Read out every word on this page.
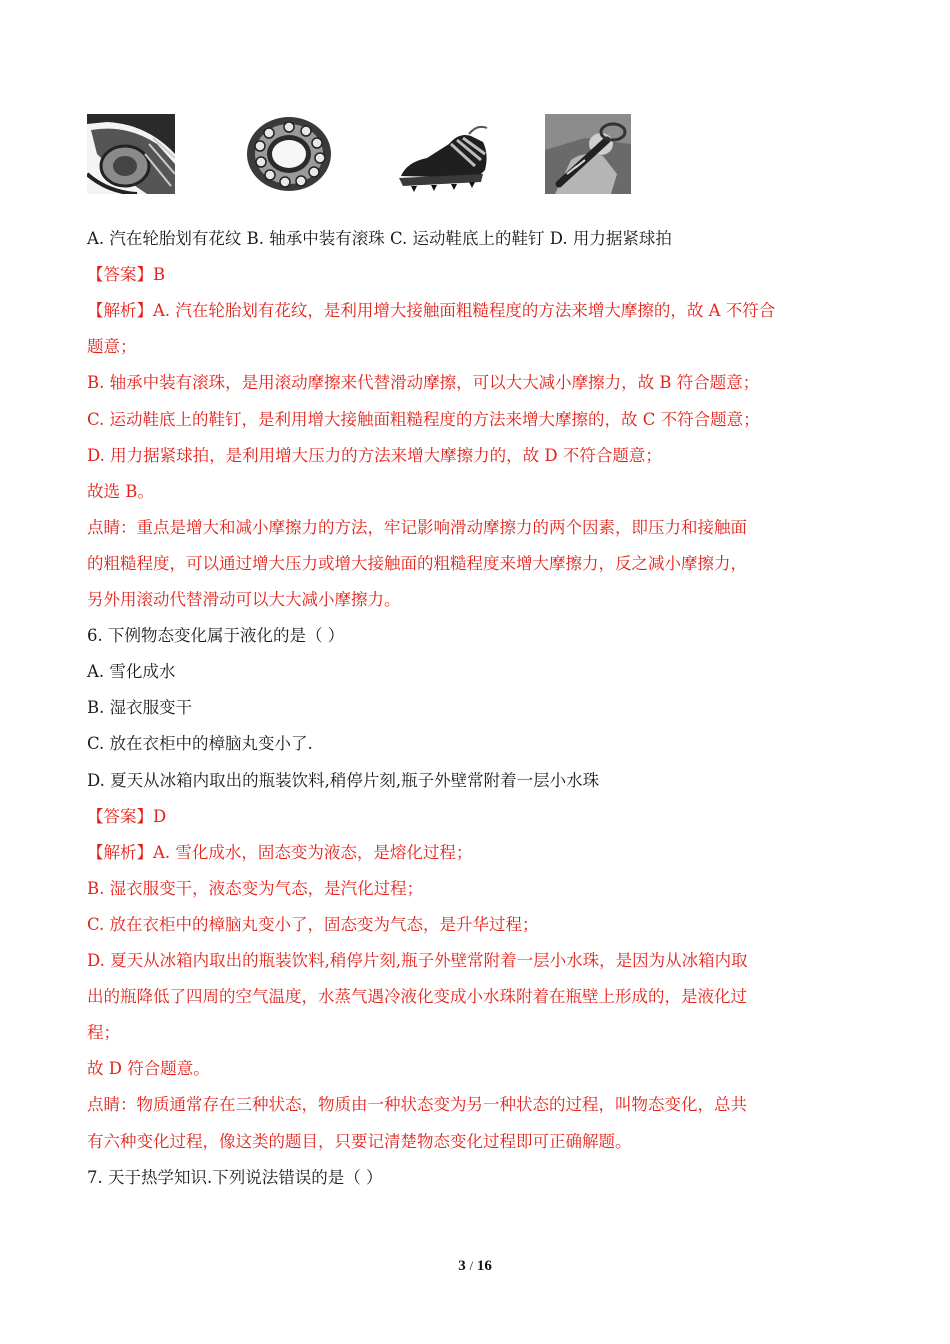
A. 汽在轮胎划有花纹 B. 轴承中装有滚珠 C. 运动鞋底上的鞋钉 D. 用力据紧球拍
【答案】B
【解析】A. 汽在轮胎划有花纹，是利用增大接触面粗糙程度的方法来增大摩擦的，故 A 不符合
题意；
B. 轴承中装有滚珠，是用滚动摩擦来代替滑动摩擦，可以大大减小摩擦力，故 B 符合题意；
C. 运动鞋底上的鞋钉，是利用增大接触面粗糙程度的方法来增大摩擦的，故 C 不符合题意；
D. 用力据紧球拍，是利用增大压力的方法来增大摩擦力的，故 D 不符合题意；
故选 B。
点睛：重点是增大和减小摩擦力的方法，牢记影响滑动摩擦力的两个因素，即压力和接触面
的粗糙程度，可以通过增大压力或增大接触面的粗糙程度来增大摩擦力，反之减小摩擦力，
另外用滚动代替滑动可以大大减小摩擦力。
6. 下例物态变化属于液化的是（ ）
A. 雪化成水
B. 湿衣服变干
C. 放在衣柜中的樟脑丸变小了.
D. 夏天从冰箱内取出的瓶装饮料,稍停片刻,瓶子外壁常附着一层小水珠
【答案】D
【解析】A. 雪化成水，固态变为液态，是熔化过程；
B. 湿衣服变干，液态变为气态，是汽化过程；
C. 放在衣柜中的樟脑丸变小了，固态变为气态，是升华过程；
D. 夏天从冰箱内取出的瓶装饮料,稍停片刻,瓶子外壁常附着一层小水珠，是因为从冰箱内取
出的瓶降低了四周的空气温度，水蒸气遇冷液化变成小水珠附着在瓶壁上形成的，是液化过
程；
故 D 符合题意。
点睛：物质通常存在三种状态，物质由一种状态变为另一种状态的过程，叫物态变化，总共
有六种变化过程，像这类的题目，只要记清楚物态变化过程即可正确解题。
7. 天于热学知识.下列说法错误的是（ ）
3 / 16
